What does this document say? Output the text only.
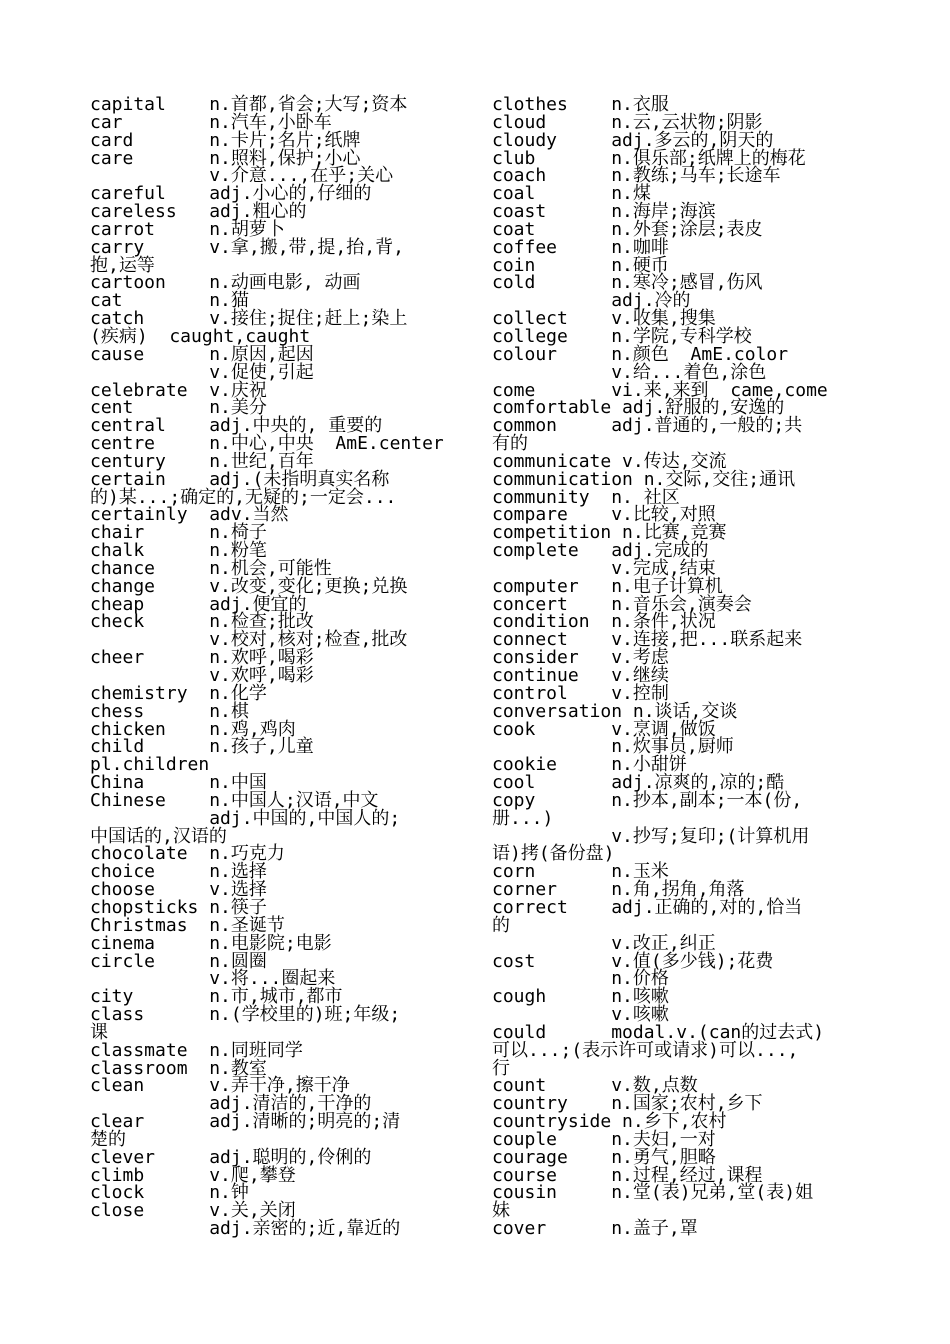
capital    n.首都,省会;大写;资本
car        n.汽车,小卧车
card       n.卡片;名片;纸牌
care       n.照料,保护;小心
v.介意...,在乎;关心
careful    adj.小心的,仔细的
careless   adj.粗心的
carrot     n.胡萝卜
carry      v.拿,搬,带,提,抬,背,
抱,运等
cartoon    n.动画电影, 动画
cat        n.猫
catch      v.接住;捉住;赶上;染上
(疾病)  caught,caught
cause      n.原因,起因
v.促使,引起
celebrate  v.庆祝
cent       n.美分
central    adj.中央的, 重要的
centre     n.中心,中央  AmE.center
century    n.世纪,百年
certain    adj.(未指明真实名称
的)某...;确定的,无疑的;一定会...
certainly  adv.当然
chair      n.椅子
chalk      n.粉笔
chance     n.机会,可能性
change     v.改变,变化;更换;兑换
cheap      adj.便宜的
check      n.检查;批改
v.校对,核对;检查,批改
cheer      n.欢呼,喝彩
v.欢呼,喝彩
chemistry  n.化学
chess      n.棋
chicken    n.鸡,鸡肉
child      n.孩子,儿童
pl.children
China      n.中国
Chinese    n.中国人;汉语,中文
adj.中国的,中国人的;
中国话的,汉语的
chocolate  n.巧克力
choice     n.选择
choose     v.选择
chopsticks n.筷子
Christmas  n.圣诞节
cinema     n.电影院;电影
circle     n.圆圈
v.将...圈起来
city       n.市,城市,都市
class      n.(学校里的)班;年级;
课
classmate  n.同班同学
classroom  n.教室
clean      v.弄干净,擦干净
adj.清洁的,干净的
clear      adj.清晰的;明亮的;清
楚的
clever     adj.聪明的,伶俐的
climb      v.爬,攀登
clock      n.钟
close      v.关,关闭
adj.亲密的;近,靠近的
clothes    n.衣服
cloud      n.云,云状物;阴影
cloudy     adj.多云的,阴天的
club       n.俱乐部;纸牌上的梅花
coach      n.教练;马车;长途车
coal       n.煤
coast      n.海岸;海滨
coat       n.外套;涂层;表皮
coffee     n.咖啡
coin       n.硬币
cold       n.寒冷;感冒,伤风
adj.冷的
collect    v.收集,搜集
college    n.学院,专科学校
colour     n.颜色  AmE.color
v.给...着色,涂色
come       vi.来,来到  came,come
comfortable adj.舒服的,安逸的
common     adj.普通的,一般的;共
有的
communicate v.传达,交流
communication n.交际,交往;通讯
community  n. 社区
compare    v.比较,对照
competition n.比赛,竞赛
complete   adj.完成的
v.完成,结束
computer   n.电子计算机
concert    n.音乐会,演奏会
condition  n.条件,状况
connect    v.连接,把...联系起来
consider   v.考虑
continue   v.继续
control    v.控制
conversation n.谈话,交谈
cook       v.烹调,做饭
n.炊事员,厨师
cookie     n.小甜饼
cool       adj.凉爽的,凉的;酷
copy       n.抄本,副本;一本(份,
册...)
v.抄写;复印;(计算机用
语)拷(备份盘)
corn       n.玉米
corner     n.角,拐角,角落
correct    adj.正确的,对的,恰当
的
v.改正,纠正
cost       v.值(多少钱);花费
n.价格
cough      n.咳嗽
v.咳嗽
could      modal.v.(can的过去式)
可以...;(表示许可或请求)可以...,
行
count      v.数,点数
country    n.国家;农村,乡下
countryside n.乡下,农村
couple     n.夫妇,一对
courage    n.勇气,胆略
course     n.过程,经过,课程
cousin     n.堂(表)兄弟,堂(表)姐
妹
cover      n.盖子,罩
